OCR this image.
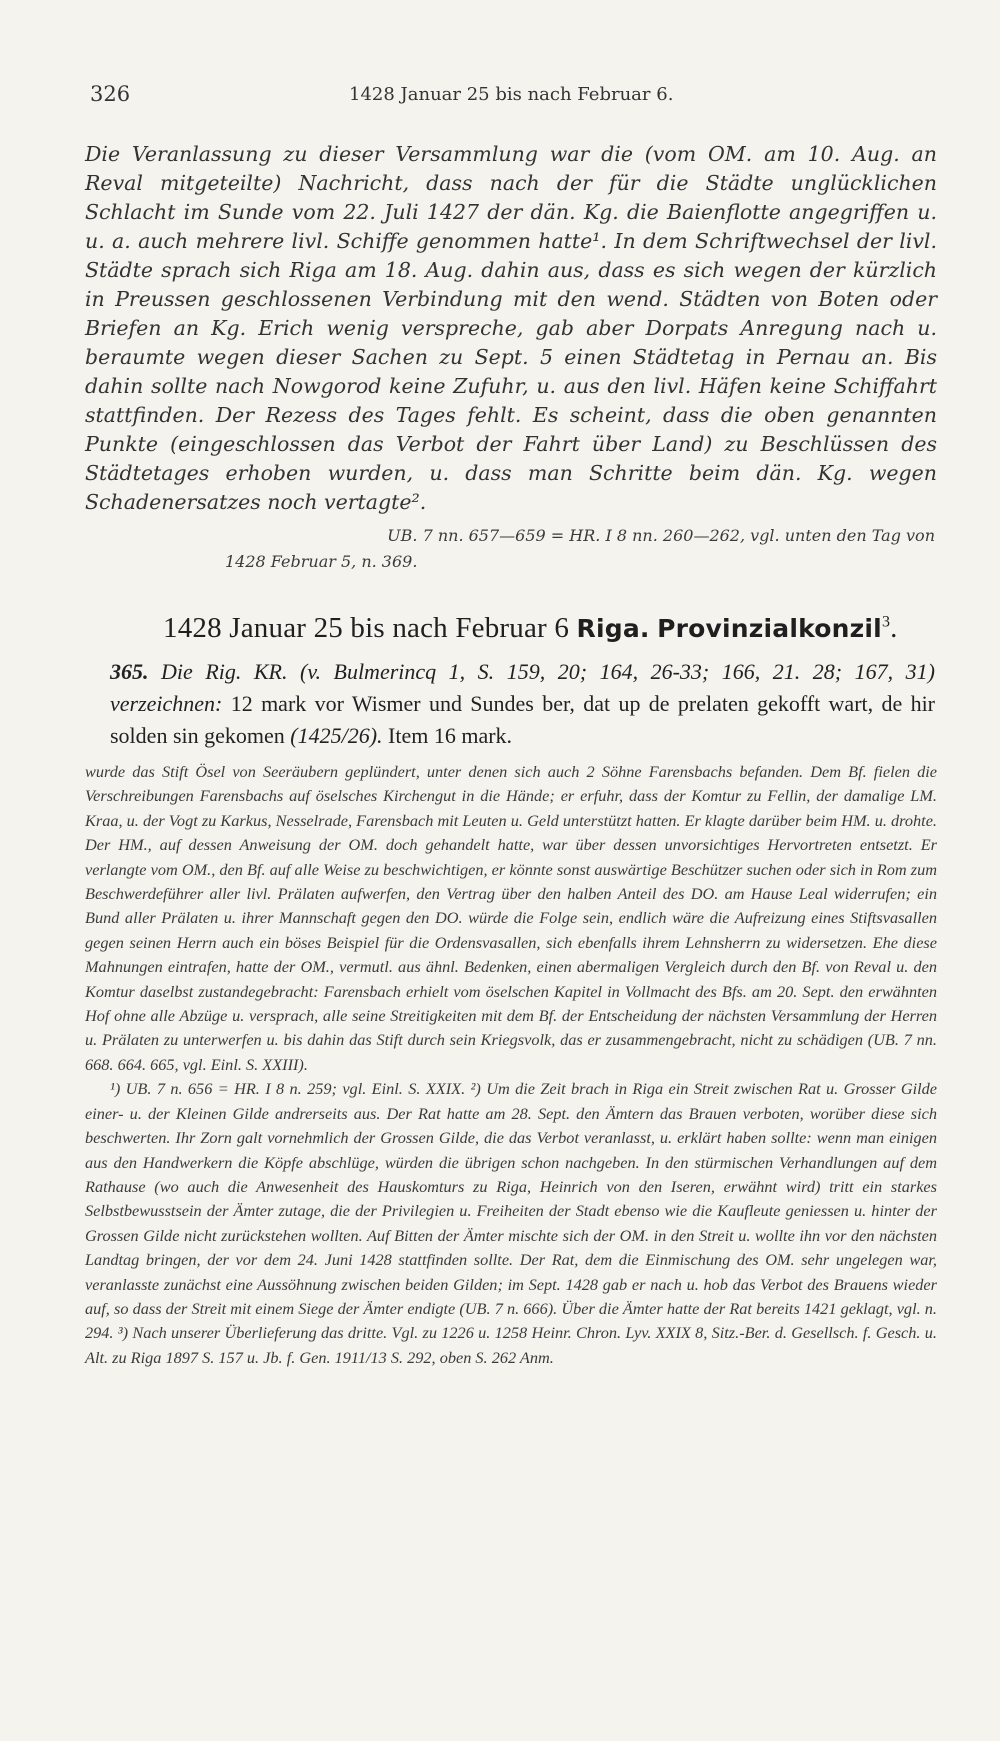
326	1428 Januar 25 bis nach Februar 6.

Die Veranlassung zu dieser Versammlung war die (vom OM. am 10. Aug. an Reval mitgeteilte) Nachricht, dass nach der für die Städte unglücklichen Schlacht im Sunde vom 22. Juli 1427 der dän. Kg. die Baienflotte angegriffen u. u. a. auch mehrere livl. Schiffe genommen hatte¹. In dem Schriftwechsel der livl. Städte sprach sich Riga am 18. Aug. dahin aus, dass es sich wegen der kürzlich in Preussen geschlossenen Verbindung mit den wend. Städten von Boten oder Briefen an Kg. Erich wenig verspreche, gab aber Dorpats Anregung nach u. beraumte wegen dieser Sachen zu Sept. 5 einen Städtetag in Pernau an. Bis dahin sollte nach Nowgorod keine Zufuhr, u. aus den livl. Häfen keine Schiffahrt stattfinden. Der Rezess des Tages fehlt. Es scheint, dass die oben genannten Punkte (eingeschlossen das Verbot der Fahrt über Land) zu Beschlüssen des Städtetages erhoben wurden, u. dass man Schritte beim dän. Kg. wegen Schadenersatzes noch vertagte².

UB. 7 nn. 657—659 = HR. I 8 nn. 260—262, vgl. unten den Tag von
1428 Februar 5, n. 369.
1428 Januar 25 bis nach Februar 6 Riga. Provinzialkonzil$^3$.
365. Die Rig. KR. (v. Bulmerincq 1, S. 159, 20; 164, 26-33; 166, 21. 28; 167, 31) verzeichnen: 12 mark vor Wismer und Sundes ber, dat up de prelaten gekofft wart, de hir solden sin gekomen (1425/26). Item 16 mark.

wurde das Stift Ösel von Seeräubern geplündert, unter denen sich auch 2 Söhne Farensbachs befanden. Dem Bf. fielen die Verschreibungen Farensbachs auf öselsches Kirchengut in die Hände; er erfuhr, dass der Komtur zu Fellin, der damalige LM. Kraa, u. der Vogt zu Karkus, Nesselrade, Farensbach mit Leuten u. Geld unterstützt hatten. Er klagte darüber beim HM. u. drohte. Der HM., auf dessen Anweisung der OM. doch gehandelt hatte, war über dessen unvorsichtiges Hervortreten entsetzt. Er verlangte vom OM., den Bf. auf alle Weise zu beschwichtigen, er könnte sonst auswärtige Beschützer suchen oder sich in Rom zum Beschwerdeführer aller livl. Prälaten aufwerfen, den Vertrag über den halben Anteil des DO. am Hause Leal widerrufen; ein Bund aller Prälaten u. ihrer Mannschaft gegen den DO. würde die Folge sein, endlich wäre die Aufreizung eines Stiftsvasallen gegen seinen Herrn auch ein böses Beispiel für die Ordensvasallen, sich ebenfalls ihrem Lehnsherrn zu widersetzen. Ehe diese Mahnungen eintrafen, hatte der OM., vermutl. aus ähnl. Bedenken, einen abermaligen Vergleich durch den Bf. von Reval u. den Komtur daselbst zustandegebracht: Farensbach erhielt vom öselschen Kapitel in Vollmacht des Bfs. am 20. Sept. den erwähnten Hof ohne alle Abzüge u. versprach, alle seine Streitigkeiten mit dem Bf. der Entscheidung der nächsten Versammlung der Herren u. Prälaten zu unterwerfen u. bis dahin das Stift durch sein Kriegsvolk, das er zusammengebracht, nicht zu schädigen (UB. 7 nn. 668. 664. 665, vgl. Einl. S. XXIII).

¹) UB. 7 n. 656 = HR. I 8 n. 259; vgl. Einl. S. XXIX. ²) Um die Zeit brach in Riga ein Streit zwischen Rat u. Grosser Gilde einer- u. der Kleinen Gilde andrerseits aus. Der Rat hatte am 28. Sept. den Ämtern das Brauen verboten, worüber diese sich beschwerten. Ihr Zorn galt vornehmlich der Grossen Gilde, die das Verbot veranlasst, u. erklärt haben sollte: wenn man einigen aus den Handwerkern die Köpfe abschlüge, würden die übrigen schon nachgeben. In den stürmischen Verhandlungen auf dem Rathause (wo auch die Anwesenheit des Hauskomturs zu Riga, Heinrich von den Iseren, erwähnt wird) tritt ein starkes Selbstbewusstsein der Ämter zutage, die der Privilegien u. Freiheiten der Stadt ebenso wie die Kaufleute geniessen u. hinter der Grossen Gilde nicht zurückstehen wollten. Auf Bitten der Ämter mischte sich der OM. in den Streit u. wollte ihn vor den nächsten Landtag bringen, der vor dem 24. Juni 1428 stattfinden sollte. Der Rat, dem die Einmischung des OM. sehr ungelegen war, veranlasste zunächst eine Aussöhnung zwischen beiden Gilden; im Sept. 1428 gab er nach u. hob das Verbot des Brauens wieder auf, so dass der Streit mit einem Siege der Ämter endigte (UB. 7 n. 666). Über die Ämter hatte der Rat bereits 1421 geklagt, vgl. n. 294. ³) Nach unserer Überlieferung das dritte. Vgl. zu 1226 u. 1258 Heinr. Chron. Lyv. XXIX 8, Sitz.-Ber. d. Gesellsch. f. Gesch. u. Alt. zu Riga 1897 S. 157 u. Jb. f. Gen. 1911/13 S. 292, oben S. 262 Anm.
